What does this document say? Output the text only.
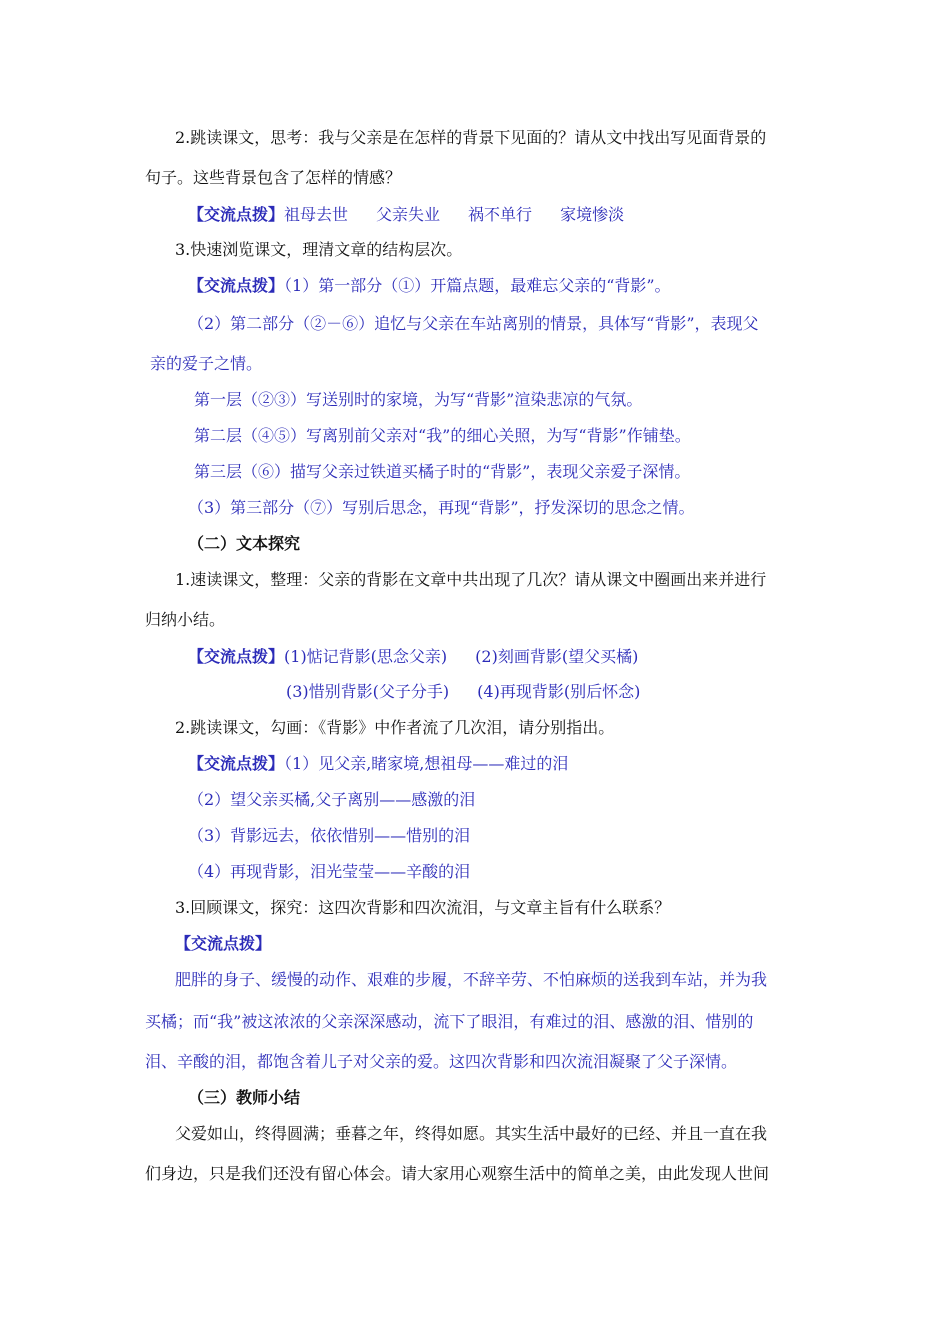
2.跳读课文，思考：我与父亲是在怎样的背景下见面的？请从文中找出写见面背景的
句子。这些背景包含了怎样的情感？
【交流点拨】祖母去世 父亲失业 祸不单行 家境惨淡
3.快速浏览课文，理清文章的结构层次。
【交流点拨】（1）第一部分（①）开篇点题，最难忘父亲的“背影”。
（2）第二部分（②－⑥）追忆与父亲在车站离别的情景，具体写“背影”，表现父
亲的爱子之情。
第一层（②③）写送别时的家境，为写“背影”渲染悲凉的气氛。
第二层（④⑤）写离别前父亲对“我”的细心关照，为写“背影”作铺垫。
第三层（⑥）描写父亲过铁道买橘子时的“背影”，表现父亲爱子深情。
（3）第三部分（⑦）写别后思念，再现“背影”，抒发深切的思念之情。
（二）文本探究
1.速读课文，整理：父亲的背影在文章中共出现了几次？请从课文中圈画出来并进行
归纳小结。
【交流点拨】(1)惦记背影(思念父亲) (2)刻画背影(望父买橘)
(3)惜别背影(父子分手) (4)再现背影(别后怀念)
2.跳读课文，勾画：《背影》中作者流了几次泪，请分别指出。
【交流点拨】（1）见父亲,睹家境,想祖母——难过的泪
（2）望父亲买橘,父子离别——感激的泪
（3）背影远去，依依惜别——惜别的泪
（4）再现背影，泪光莹莹——辛酸的泪
3.回顾课文，探究：这四次背影和四次流泪，与文章主旨有什么联系？
【交流点拨】
肥胖的身子、缓慢的动作、艰难的步履，不辞辛劳、不怕麻烦的送我到车站，并为我
买橘；而“我”被这浓浓的父亲深深感动，流下了眼泪，有难过的泪、感激的泪、惜别的
泪、辛酸的泪，都饱含着儿子对父亲的爱。这四次背影和四次流泪凝聚了父子深情。
（三）教师小结
父爱如山，终得圆满；垂暮之年，终得如愿。其实生活中最好的已经、并且一直在我
们身边，只是我们还没有留心体会。请大家用心观察生活中的简单之美，由此发现人世间
